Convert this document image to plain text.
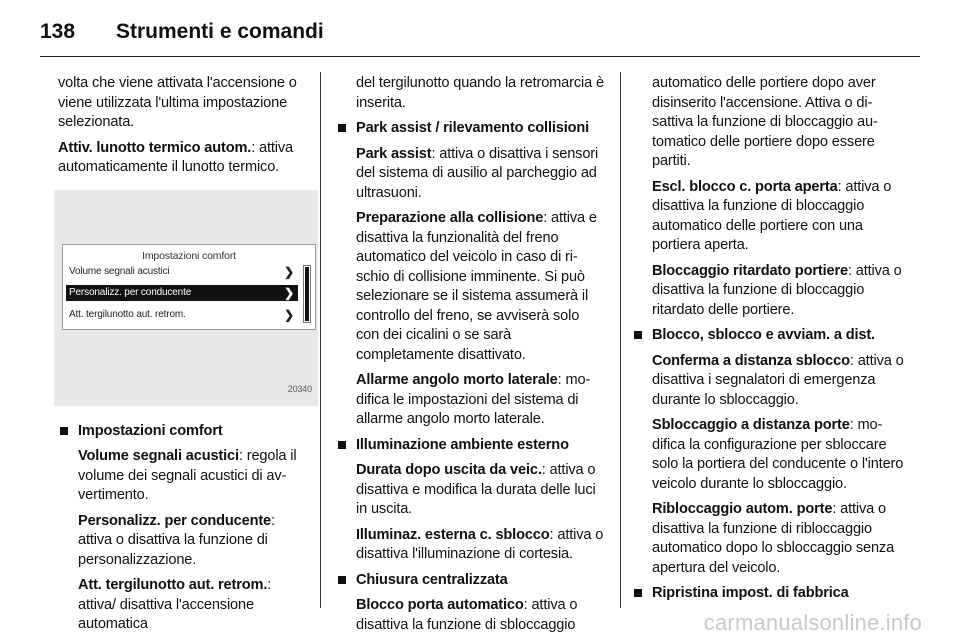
138 Strumenti e comandi

volta che viene attivata l'accensione o viene utilizzata l'ultima impostazione selezionata.

Attiv. lunotto termico autom.: attiva automaticamente il lunotto termico.

Impostazioni comfort
Volume segnali acustici	❯
Personalizz. per conducente	❯
Att. tergilunotto aut. retrom.	❯
20340
Impostazioni comfort

Volume segnali acustici: regola il volume dei segnali acustici di avvertimento.

Personalizz. per conducente: attiva o disattiva la funzione di personalizzazione.

Att. tergilunotto aut. retrom.: attiva/ disattiva l'accensione automatica

del tergilunotto quando la retromarcia è inserita.

Park assist / rilevamento collisioni

Park assist: attiva o disattiva i sensori del sistema di ausilio al parcheggio ad ultrasuoni.

Preparazione alla collisione: attiva e disattiva la funzionalità del freno automatico del veicolo in caso di rischio di collisione imminente. Si può selezionare se il sistema assumerà il controllo del freno, se avviserà solo con dei cicalini o se sarà completamente disattivato.

Allarme angolo morto laterale: modifica le impostazioni del sistema di allarme angolo morto laterale.

Illuminazione ambiente esterno

Durata dopo uscita da veic.: attiva o disattiva e modifica la durata delle luci in uscita.

Illuminaz. esterna c. sblocco: attiva o disattiva l'illuminazione di cortesia.

Chiusura centralizzata

Blocco porta automatico: attiva o disattiva la funzione di sbloccaggio

automatico delle portiere dopo aver disinserito l'accensione. Attiva o disattiva la funzione di bloccaggio automatico delle portiere dopo essere partiti.

Escl. blocco c. porta aperta: attiva o disattiva la funzione di bloccaggio automatico delle portiere con una portiera aperta.

Bloccaggio ritardato portiere: attiva o disattiva la funzione di bloccaggio ritardato delle portiere.

Blocco, sblocco e avviam. a dist.

Conferma a distanza sblocco: attiva o disattiva i segnalatori di emergenza durante lo sbloccaggio.

Sbloccaggio a distanza porte: modifica la configurazione per sbloccare solo la portiera del conducente o l'intero veicolo durante lo sbloccaggio.

Ribloccaggio autom. porte: attiva o disattiva la funzione di ribloccaggio automatico dopo lo sbloccaggio senza apertura del veicolo.

Ripristina impost. di fabbrica
carmanualsonline.info
